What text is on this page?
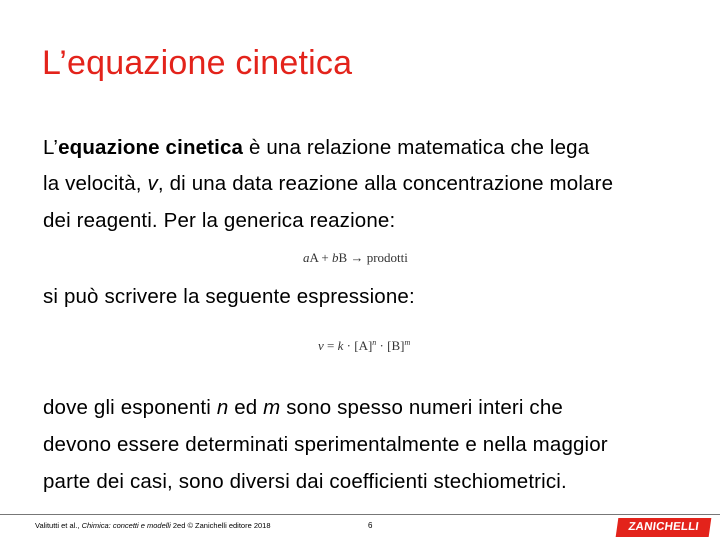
L’equazione cinetica
L’equazione cinetica è una relazione matematica che lega
la velocità, v, di una data reazione alla concentrazione molare
dei reagenti. Per la generica reazione:
aA + bB → prodotti
si può scrivere la seguente espressione:
$v = k \cdot [A]^n \cdot [B]^m$
dove gli esponenti n ed m sono spesso numeri interi che
devono essere determinati sperimentalmente e nella maggior
parte dei casi, sono diversi dai coefficienti stechiometrici.
Valitutti et al., Chimica: concetti e modelli 2ed © Zanichelli editore 2018	6	ZANICHELLI
